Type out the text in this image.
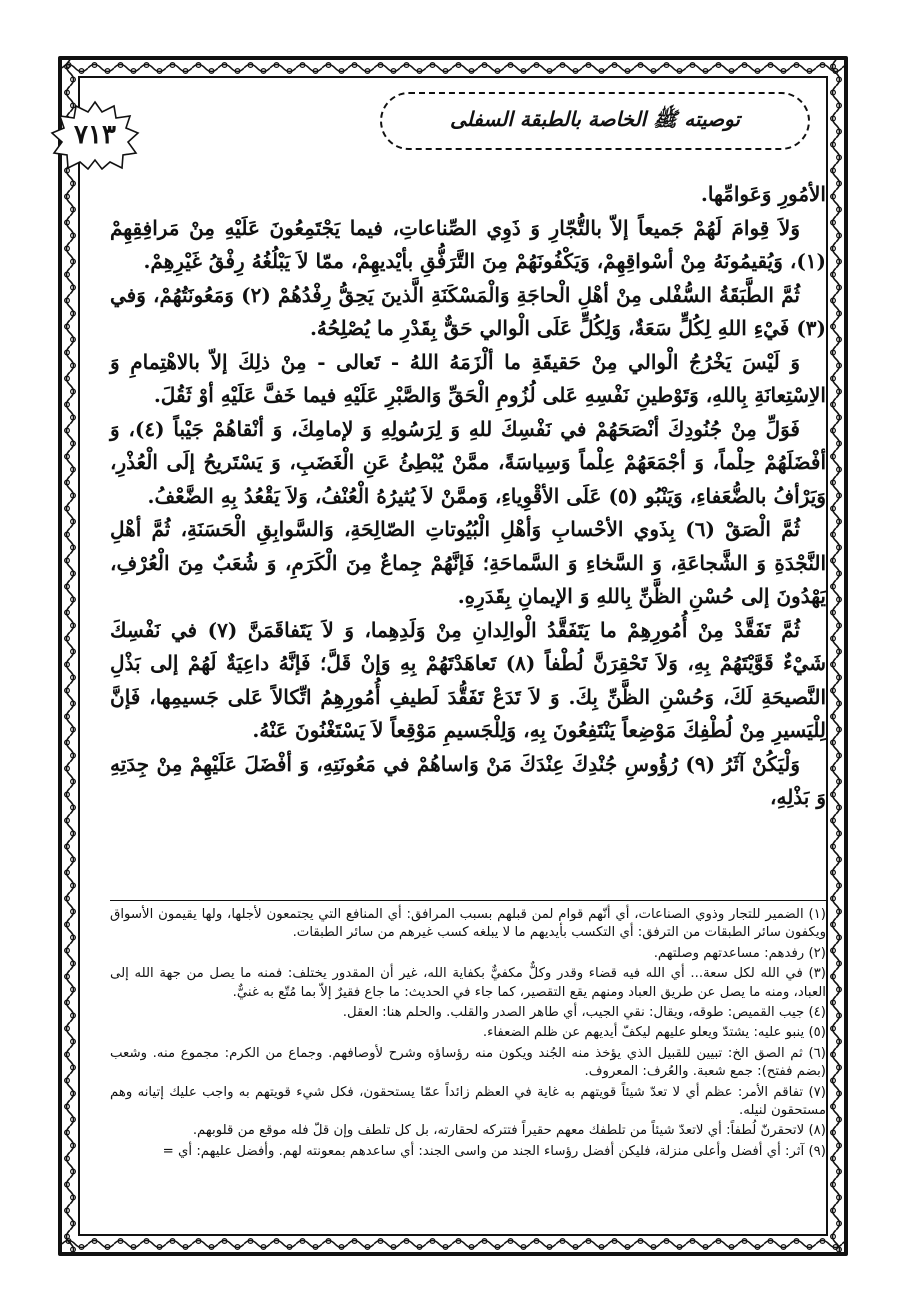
توصيته ﷺ الخاصة بالطبقة السفلى
٧١٣

الأمُورِ وَعَوامِّها.

وَلاَ قِوامَ لَهُمْ جَميعاً إلاّ بالتُّجّارِ وَ ذَوِي الصِّناعاتِ، فيما يَجْتَمِعُونَ عَلَيْهِ مِنْ مَرافِقِهِمْ (١)، وَيُقيمُونَهُ مِنْ أسْواقِهِمْ، وَيَكْفُونَهُمْ مِنَ التَّرَفُّقِ بأيْديهِمْ، ممّا لاَ يَبْلُغُهُ رِفْقُ غَيْرِهِمْ.

ثُمَّ الطَّبَقَةُ السُّفْلى مِنْ أهْلِ الْحاجَةِ وَالْمَسْكَنَةِ الَّذينَ يَحِقُّ رِفْدُهُمْ (٢) وَمَعُونَتُهُمْ، وَفي (٣) فَيْءِ اللهِ لِكُلٍّ سَعَةٌ، وَلِكُلٍّ عَلَى الْوالي حَقٌّ بِقَدْرِ ما يُصْلِحُهُ.

وَ لَيْسَ يَخْرُجُ الْوالي مِنْ حَقيقَةِ ما ألْزَمَهُ اللهُ - تَعالى - مِنْ ذلِكَ إلاّ بالاهْتِمامِ وَ الاِسْتِعانَةِ بِاللهِ، وَتَوْطينِ نَفْسِهِ عَلى لُزُومِ الْحَقِّ وَالصَّبْرِ عَلَيْهِ فيما خَفَّ عَلَيْهِ أوْ ثَقُلَ.

فَوَلِّ مِنْ جُنُودِكَ أنْصَحَهُمْ في نَفْسِكَ للهِ وَ لِرَسُولِهِ وَ لإمامِكَ، وَ أنْقاهُمْ جَيْباً (٤)، وَ أفْضَلَهُمْ حِلْماً، وَ أجْمَعَهُمْ عِلْماً وَسِياسَةً، ممَّنْ يُبْطِئُ عَنِ الْغَضَبِ، وَ يَسْتَريحُ إلَى الْعُذْرِ، وَيَرْأفُ بالضُّعَفاءِ، وَيَنْبُو (٥) عَلَى الأقْوِياءِ، وَممَّنْ لاَ يُثيرُهُ الْعُنْفُ، وَلاَ يَقْعُدُ بِهِ الضَّعْفُ.

ثُمَّ الْصَقْ (٦) بِذَوي الأحْسابِ وَأهْلِ الْبُيُوتاتِ الصّالِحَةِ، وَالسَّوابِقِ الْحَسَنَةِ، ثُمَّ أهْلِ النَّجْدَةِ وَ الشَّجاعَةِ، وَ السَّخاءِ وَ السَّماحَةِ؛ فَإنَّهُمْ جِماعٌ مِنَ الْكَرَمِ، وَ شُعَبٌ مِنَ الْعُرْفِ، يَهْدُونَ إلى حُسْنِ الظَّنِّ بِاللهِ وَ الإيمانِ بِقَدَرِهِ.

ثُمَّ تَفَقَّدْ مِنْ أُمُورِهِمْ ما يَتَفَقَّدُ الْوالِدانِ مِنْ وَلَدِهِما، وَ لاَ يَتَفاقَمَنَّ (٧) في نَفْسِكَ شَيْءٌ قَوَّيْتَهُمْ بِهِ، وَلاَ تَحْقِرَنَّ لُطْفاً (٨) تَعاهَدْتَهُمْ بِهِ وَإنْ قَلَّ؛ فَإنَّهُ داعِيَةٌ لَهُمْ إلى بَذْلِ النَّصيحَةِ لَكَ، وَحُسْنِ الظَّنِّ بِكَ. وَ لاَ تَدَعْ تَفَقُّدَ لَطيفِ أُمُورِهِمُ اتِّكالاً عَلى جَسيمِها، فَإنَّ لِلْيَسيرِ مِنْ لُطْفِكَ مَوْضِعاً يَنْتَفِعُونَ بِهِ، وَلِلْجَسيمِ مَوْقِعاً لاَ يَسْتَغْنُونَ عَنْهُ.

وَلْيَكُنْ آثَرُ (٩) رُؤُوسِ جُنْدِكَ عِنْدَكَ مَنْ وَاساهُمْ في مَعُونَتِهِ، وَ أفْضَلَ عَلَيْهِمْ مِنْ جِدَتِهِ وَ بَذْلِهِ،

(١) الضمير للتجار وذوي الصناعات، أي أنّهم قوام لمن قبلهم بسبب المرافق: أي المنافع التي يجتمعون لأجلها، ولها يقيمون الأسواق ويكفون سائر الطبقات من الترفق: أي التكسب بأيديهم ما لا يبلغه كسب غيرهم من سائر الطبقات.

(٢) رفدهم: مساعدتهم وصلتهم.

(٣) في الله لكل سعة... أي الله فيه قضاء وقدر وكلٌّ مكفيٌّ بكفاية الله، غير أن المقدور يختلف: فمنه ما يصل من جهة الله إلى العباد، ومنه ما يصل عن طريق العباد ومنهم يقع التقصير، كما جاء في الحديث: ما جاع فقيرٌ إلاّ بما مُتّع به غنيٌّ.

(٤) جيب القميص: طوقه، ويقال: نقي الجيب، أي طاهر الصدر والقلب. والحلم هنا: العقل.

(٥) ينبو عليه: يشتدّ ويعلو عليهم ليكفّ أيديهم عن ظلم الضعفاء.

(٦) ثم الصق الخ: تبيين للقبيل الذي يؤخذ منه الجُند ويكون منه رؤساؤه وشرح لأوصافهم. وجماع من الكرم: مجموع منه. وشعب (بضم ففتح): جمع شعبة. والعُرف: المعروف.

(٧) تفاقم الأمر: عظم أي لا تعدّ شيئاً قويتهم به غاية في العظم زائداً عمّا يستحقون، فكل شيء قويتهم به واجب عليك إتيانه وهم مستحقون لنيله.

(٨) لاتحقرنّ لُطفاً: أي لاتعدّ شيئاً من تلطفك معهم حقيراً فتتركه لحقارته، بل كل تلطف وإن قلّ فله موقع من قلوبهم.

(٩) آثر: أي أفضل وأعلى منزلة، فليكن أفضل رؤساء الجند من واسى الجند: أي ساعدهم بمعونته لهم. وأفضل عليهم: أي =
